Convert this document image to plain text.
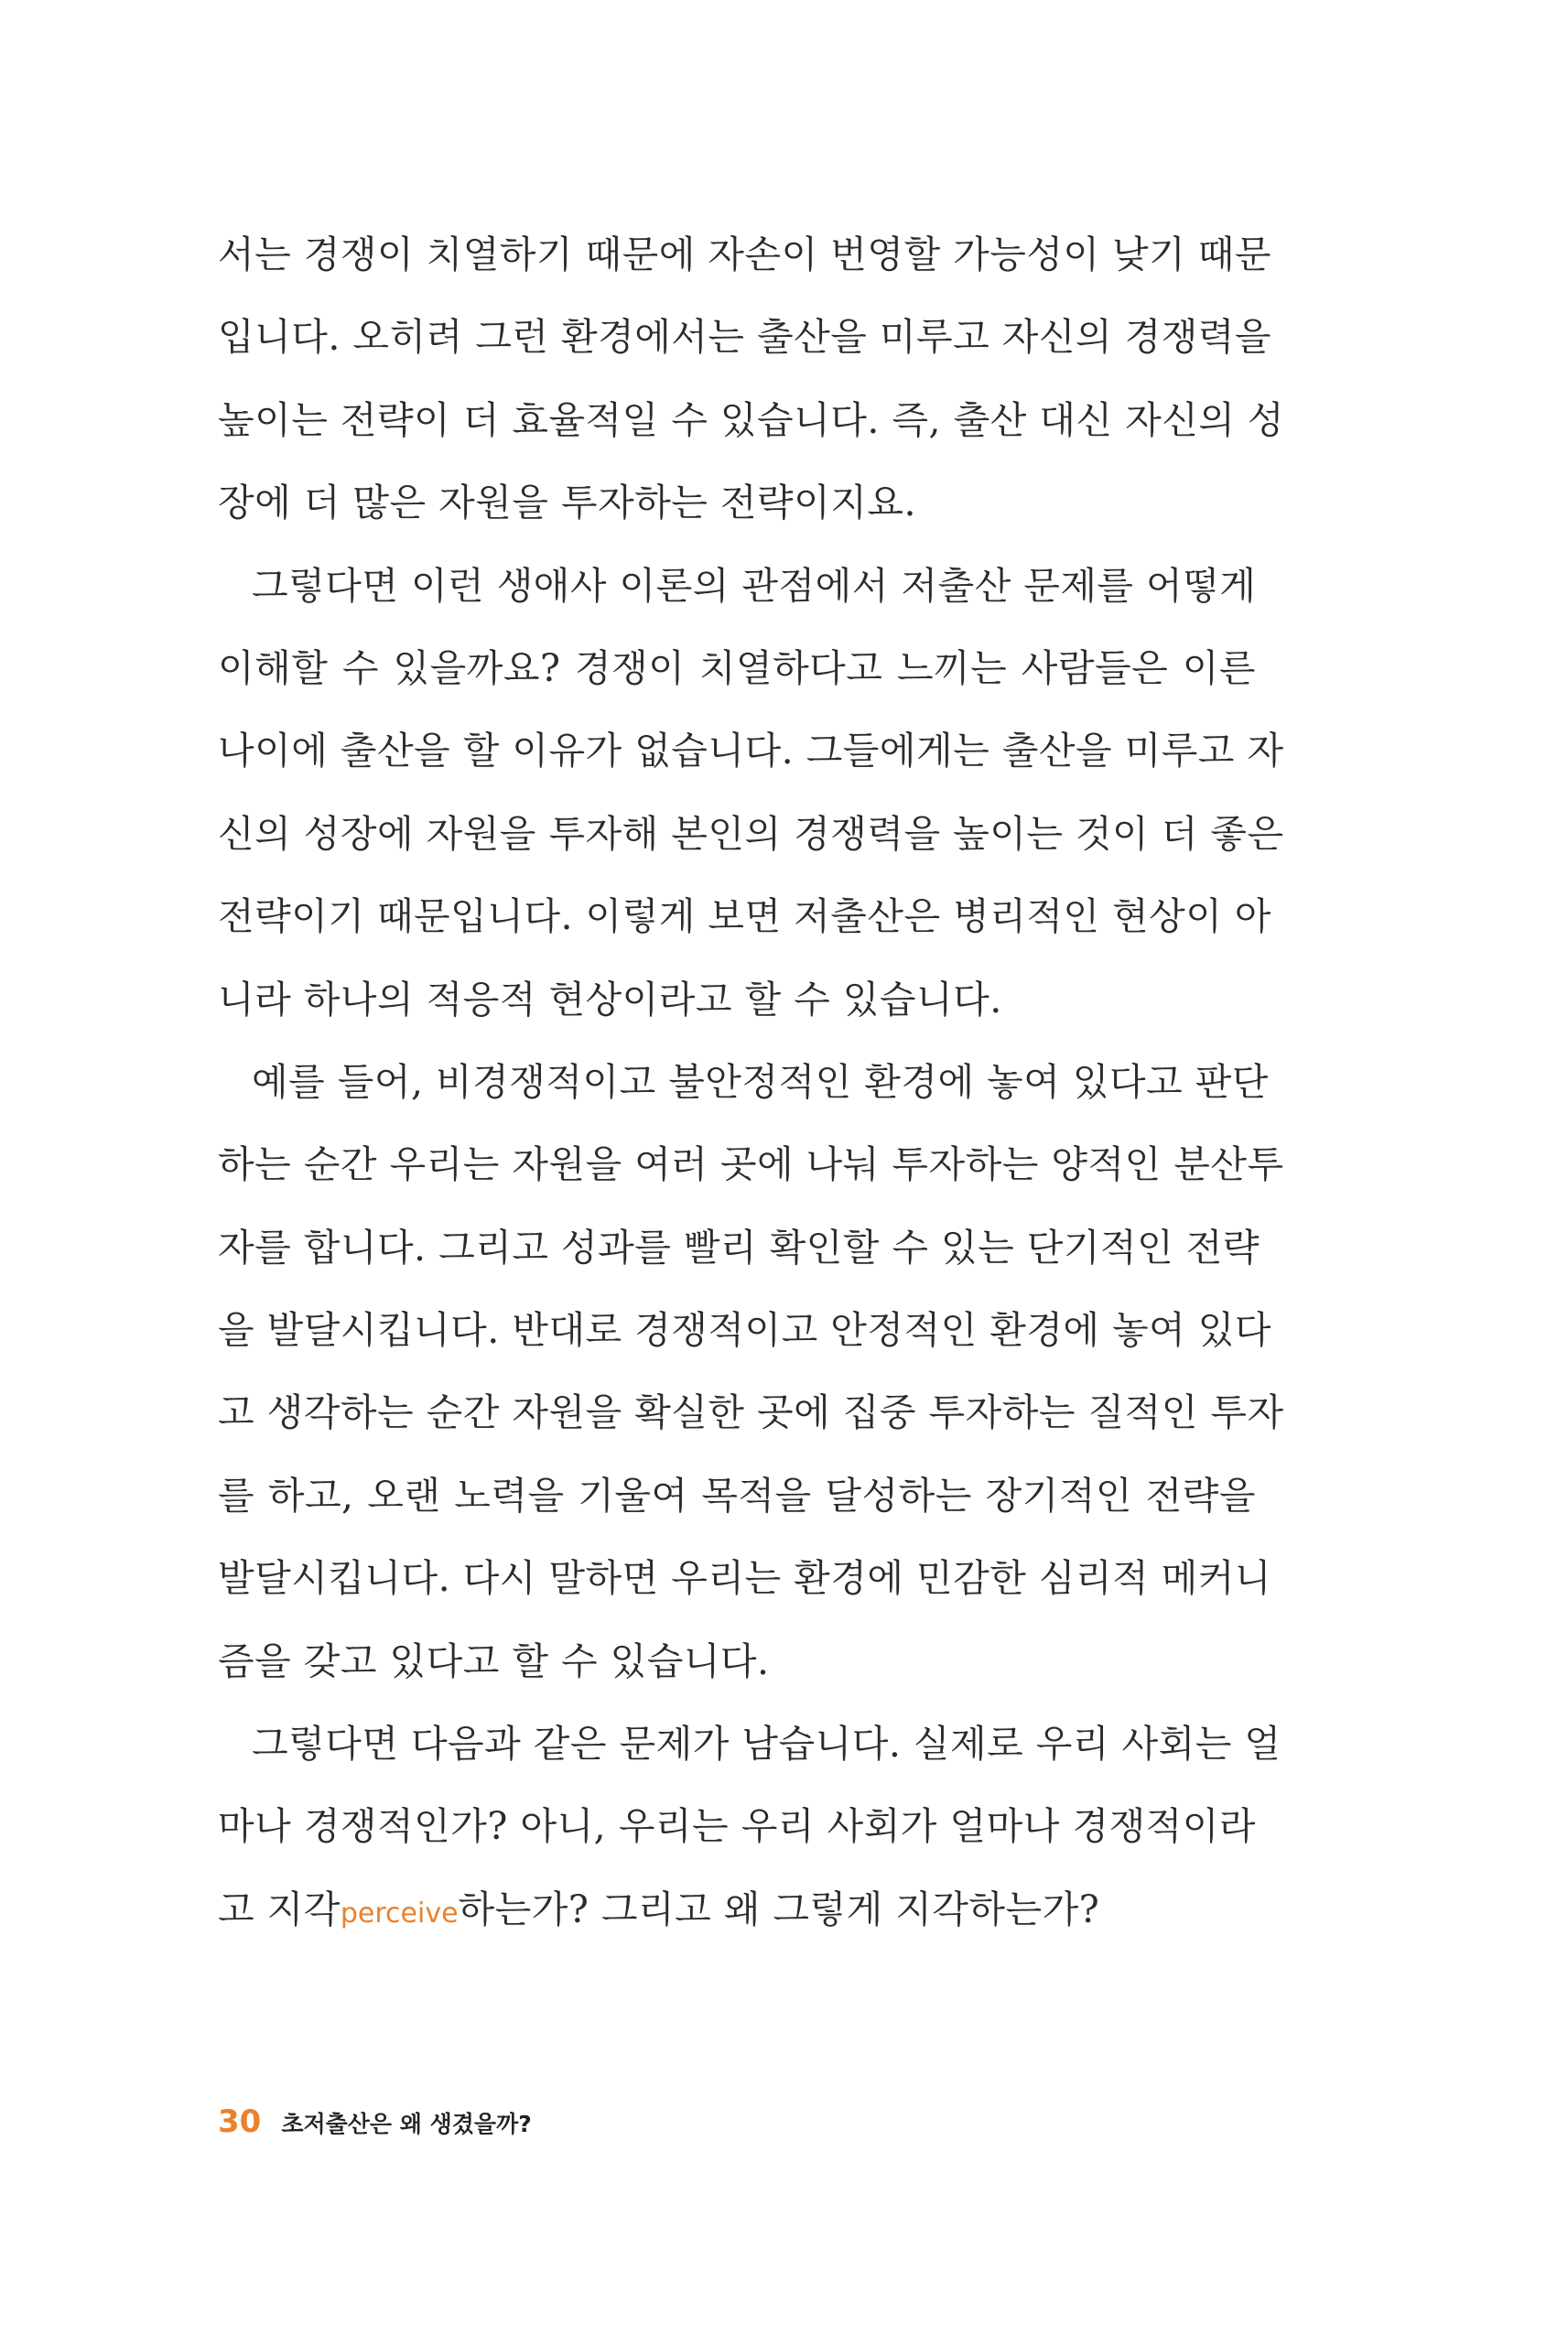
서는 경쟁이 치열하기 때문에 자손이 번영할 가능성이 낮기 때문
입니다. 오히려 그런 환경에서는 출산을 미루고 자신의 경쟁력을
높이는 전략이 더 효율적일 수 있습니다. 즉, 출산 대신 자신의 성
장에 더 많은 자원을 투자하는 전략이지요.
그렇다면 이런 생애사 이론의 관점에서 저출산 문제를 어떻게
이해할 수 있을까요? 경쟁이 치열하다고 느끼는 사람들은 이른
나이에 출산을 할 이유가 없습니다. 그들에게는 출산을 미루고 자
신의 성장에 자원을 투자해 본인의 경쟁력을 높이는 것이 더 좋은
전략이기 때문입니다. 이렇게 보면 저출산은 병리적인 현상이 아
니라 하나의 적응적 현상이라고 할 수 있습니다.
예를 들어, 비경쟁적이고 불안정적인 환경에 놓여 있다고 판단
하는 순간 우리는 자원을 여러 곳에 나눠 투자하는 양적인 분산투
자를 합니다. 그리고 성과를 빨리 확인할 수 있는 단기적인 전략
을 발달시킵니다. 반대로 경쟁적이고 안정적인 환경에 놓여 있다
고 생각하는 순간 자원을 확실한 곳에 집중 투자하는 질적인 투자
를 하고, 오랜 노력을 기울여 목적을 달성하는 장기적인 전략을
발달시킵니다. 다시 말하면 우리는 환경에 민감한 심리적 메커니
즘을 갖고 있다고 할 수 있습니다.
그렇다면 다음과 같은 문제가 남습니다. 실제로 우리 사회는 얼
마나 경쟁적인가? 아니, 우리는 우리 사회가 얼마나 경쟁적이라
고 지각perceive하는가? 그리고 왜 그렇게 지각하는가?
30 초저출산은 왜 생겼을까?
